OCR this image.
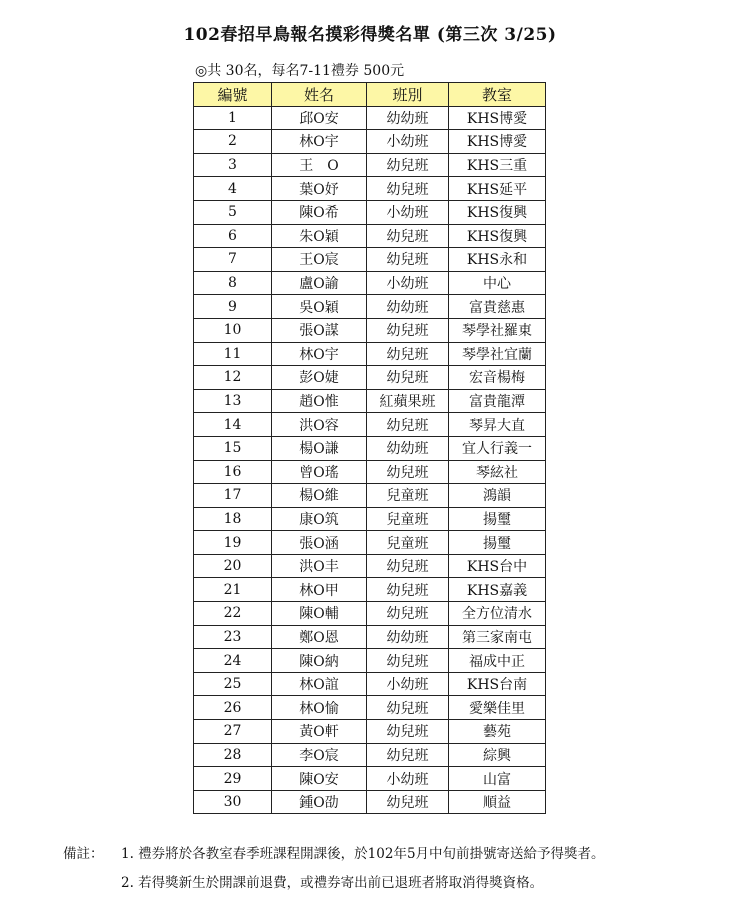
102春招早鳥報名摸彩得獎名單 (第三次 3/25)
◎共 30名，每名7-11禮券 500元
編號	姓名	班別	教室
1	邱O安	幼幼班	KHS博愛
2	林O宇	小幼班	KHS博愛
3	王　O	幼兒班	KHS三重
4	葉O妤	幼兒班	KHS延平
5	陳O希	小幼班	KHS復興
6	朱O穎	幼兒班	KHS復興
7	王O宸	幼兒班	KHS永和
8	盧O諭	小幼班	中心
9	吳O穎	幼幼班	富貴慈惠
10	張O謀	幼兒班	琴學社羅東
11	林O宇	幼兒班	琴學社宜蘭
12	彭O婕	幼兒班	宏音楊梅
13	趙O惟	紅蘋果班	富貴龍潭
14	洪O容	幼兒班	琴昇大直
15	楊O謙	幼幼班	宜人行義一
16	曾O瑤	幼兒班	琴絃社
17	楊O維	兒童班	鴻韻
18	康O筑	兒童班	揚璽
19	張O涵	兒童班	揚璽
20	洪O丰	幼兒班	KHS台中
21	林O甲	幼兒班	KHS嘉義
22	陳O輔	幼兒班	全方位清水
23	鄭O恩	幼幼班	第三家南屯
24	陳O納	幼兒班	福成中正
25	林O誼	小幼班	KHS台南
26	林O愉	幼兒班	愛樂佳里
27	黃O軒	幼兒班	藝苑
28	李O宸	幼兒班	綜興
29	陳O安	小幼班	山富
30	鍾O劭	幼兒班	順益
備註： 1. 禮券將於各教室春季班課程開課後，於102年5月中旬前掛號寄送給予得獎者。
2. 若得獎新生於開課前退費，或禮券寄出前已退班者將取消得獎資格。
